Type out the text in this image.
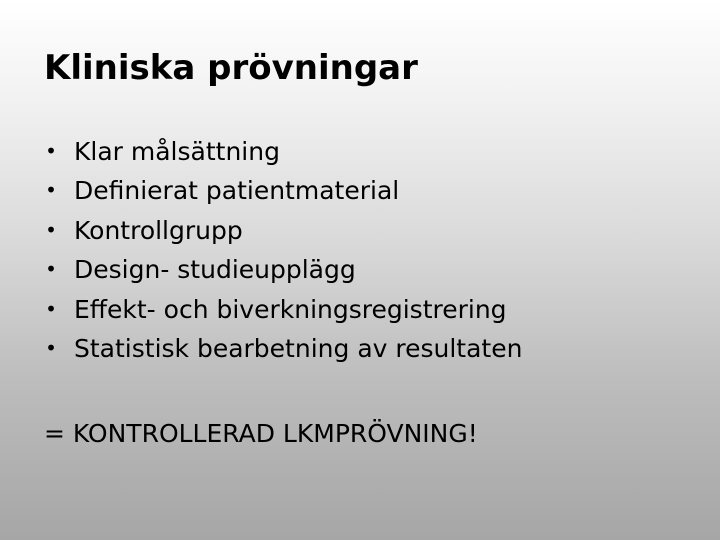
Kliniska prövningar
• Klar målsättning
• Definierat patientmaterial
• Kontrollgrupp
• Design- studieupplägg
• Effekt- och biverkningsregistrering
• Statistisk bearbetning av resultaten

= KONTROLLERAD LKMPRÖVNING!
